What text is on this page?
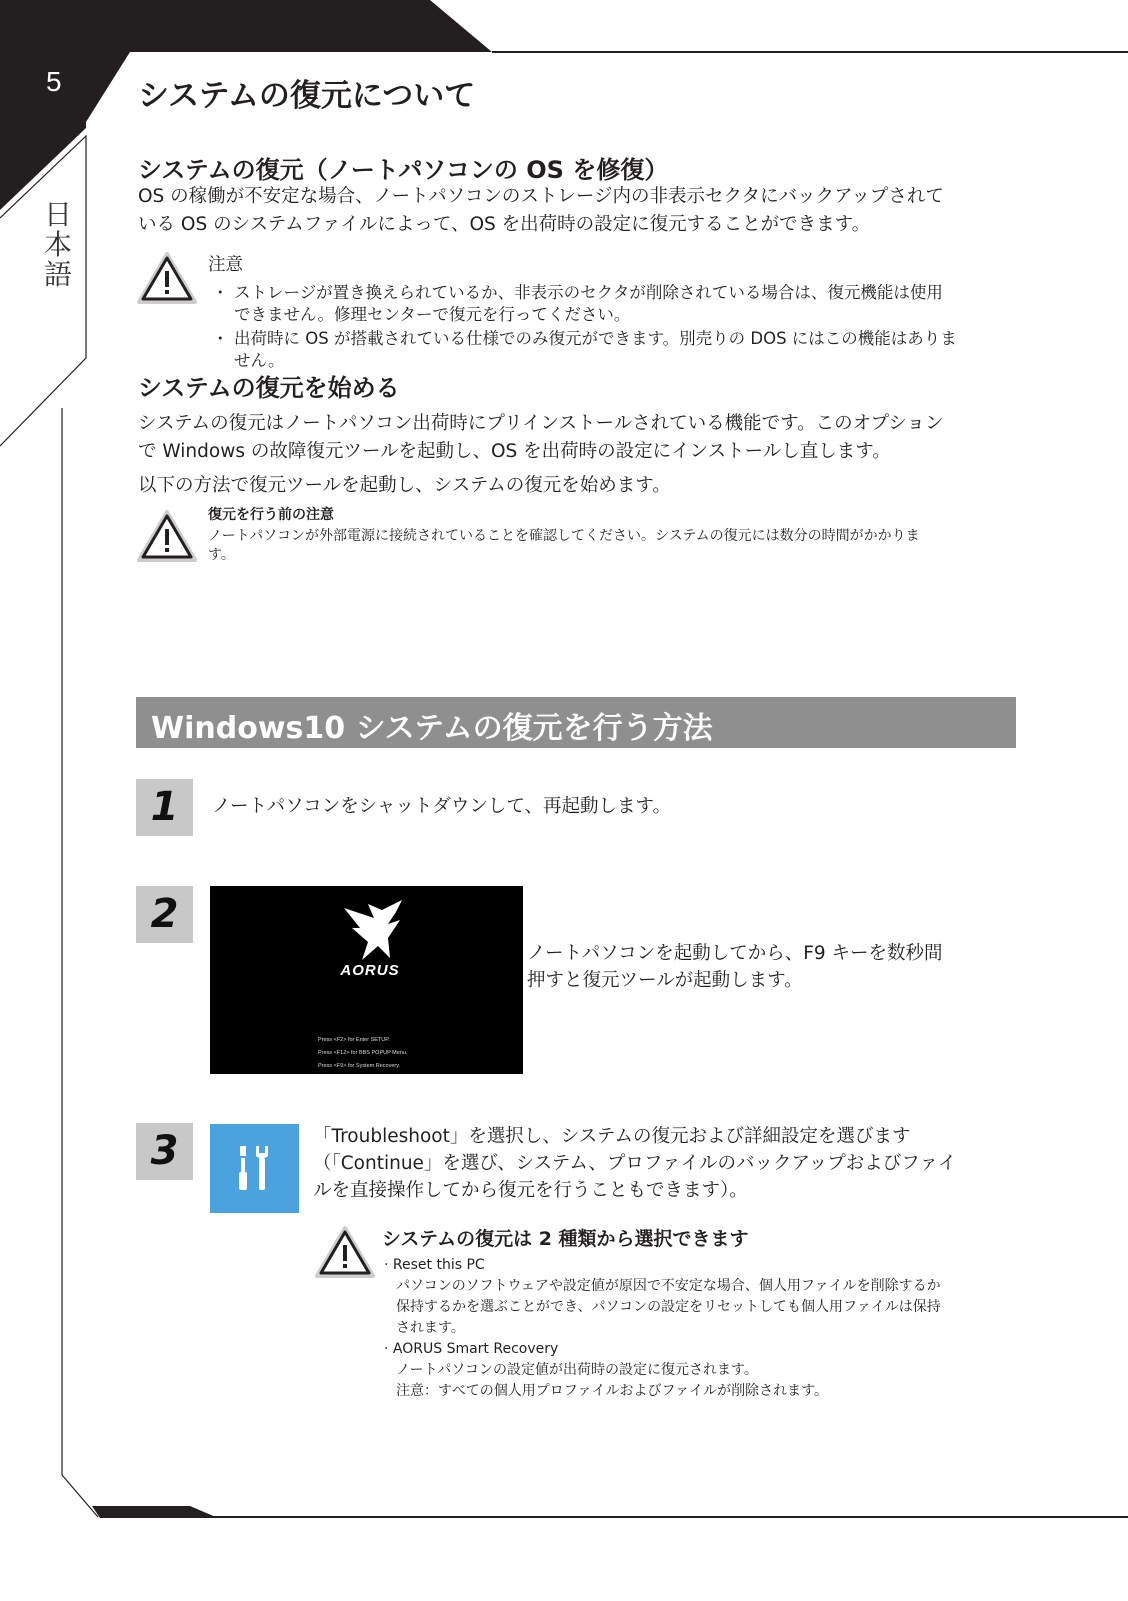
5
日本語
システムの復元について
システムの復元（ノートパソコンの OS を修復）
OS の稼働が不安定な場合、ノートパソコンのストレージ内の非表示セクタにバックアップされて
いる OS のシステムファイルによって、OS を出荷時の設定に復元することができます。
注意
・ ストレージが置き換えられているか、非表示のセクタが削除されている場合は、復元機能は使用
できません。修理センターで復元を行ってください。
・ 出荷時に OS が搭載されている仕様でのみ復元ができます。別売りの DOS にはこの機能はありま
せん。
システムの復元を始める
システムの復元はノートパソコン出荷時にプリインストールされている機能です。このオプション
で Windows の故障復元ツールを起動し、OS を出荷時の設定にインストールし直します。
以下の方法で復元ツールを起動し、システムの復元を始めます。
復元を行う前の注意
ノートパソコンが外部電源に接続されていることを確認してください。システムの復元には数分の時間がかかりま
す。
Windows10 システムの復元を行う方法
1	ノートパソコンをシャットダウンして、再起動します。
2
AORUS
Press <F2> for Enter SETUP.
Press <F12> for BBS POPUP Menu.
Press <F9> for System Recovery.
ノートパソコンを起動してから、F9 キーを数秒間
押すと復元ツールが起動します。
3	「Troubleshoot」を選択し、システムの復元および詳細設定を選びます
（「Continue」を選び、システム、プロファイルのバックアップおよびファイ
ルを直接操作してから復元を行うこともできます）。
システムの復元は 2 種類から選択できます
· Reset this PC
パソコンのソフトウェアや設定値が原因で不安定な場合、個人用ファイルを削除するか
保持するかを選ぶことができ、パソコンの設定をリセットしても個人用ファイルは保持
されます。
· AORUS Smart Recovery
ノートパソコンの設定値が出荷時の設定に復元されます。
注意：すべての個人用プロファイルおよびファイルが削除されます。
